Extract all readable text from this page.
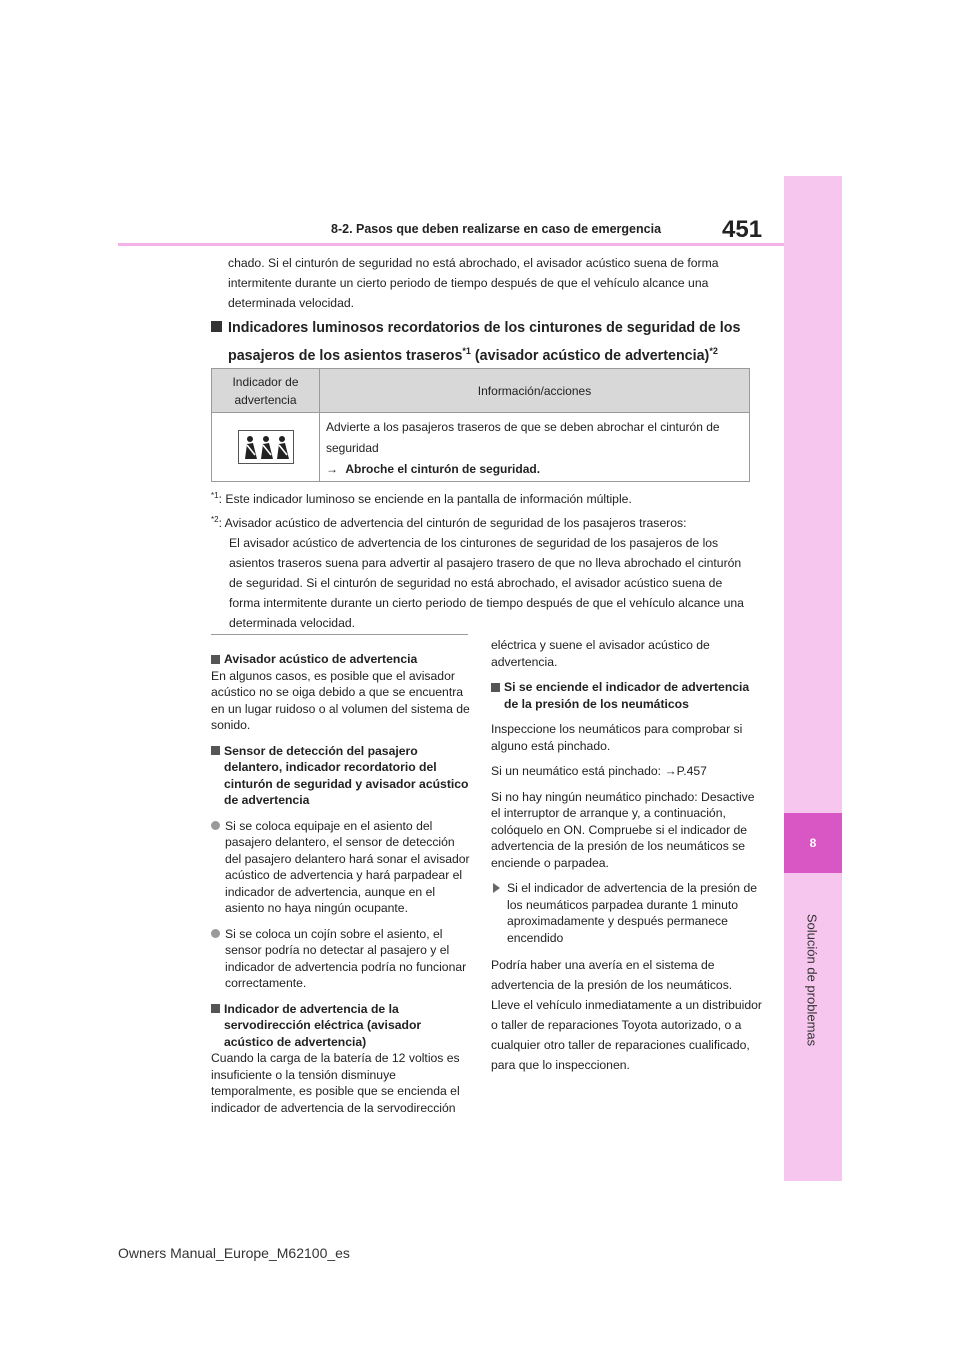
8
Solución de problemas
451
8-2. Pasos que deben realizarse en caso de emergencia
chado. Si el cinturón de seguridad no está abrochado, el avisador acústico suena de forma intermitente durante un cierto periodo de tiempo después de que el vehículo alcance una determinada velocidad.
Indicadores luminosos recordatorios de los cinturones de seguridad de los
pasajeros de los asientos traseros$^{*1}$ (avisador acústico de advertencia)$^{*2}$
Indicador de advertencia
Información/acciones
Advierte a los pasajeros traseros de que se deben abrochar el cinturón de seguridad
→ Abroche el cinturón de seguridad.
$^{*1}$: Este indicador luminoso se enciende en la pantalla de información múltiple.
$^{*2}$: Avisador acústico de advertencia del cinturón de seguridad de los pasajeros traseros:
El avisador acústico de advertencia de los cinturones de seguridad de los pasajeros de los asientos traseros suena para advertir al pasajero trasero de que no lleva abrochado el cinturón de seguridad. Si el cinturón de seguridad no está abrochado, el avisador acústico suena de forma intermitente durante un cierto periodo de tiempo después de que el vehículo alcance una determinada velocidad.
Avisador acústico de advertencia
En algunos casos, es posible que el avisador acústico no se oiga debido a que se encuentra en un lugar ruidoso o al volumen del sistema de sonido.
Sensor de detección del pasajero delantero, indicador recordatorio del cinturón de seguridad y avisador acústico de advertencia
Si se coloca equipaje en el asiento del pasajero delantero, el sensor de detección del pasajero delantero hará sonar el avisador acústico de advertencia y hará parpadear el indicador de advertencia, aunque en el asiento no haya ningún ocupante.
Si se coloca un cojín sobre el asiento, el sensor podría no detectar al pasajero y el indicador de advertencia podría no funcionar correctamente.
Indicador de advertencia de la servodirección eléctrica (avisador acústico de advertencia)
Cuando la carga de la batería de 12 voltios es insuficiente o la tensión disminuye temporalmente, es posible que se encienda el indicador de advertencia de la servodirección
eléctrica y suene el avisador acústico de advertencia.
Si se enciende el indicador de advertencia de la presión de los neumáticos
Inspeccione los neumáticos para comprobar si alguno está pinchado.
Si un neumático está pinchado: →P.457
Si no hay ningún neumático pinchado: Desactive el interruptor de arranque y, a continuación, colóquelo en ON. Compruebe si el indicador de advertencia de la presión de los neumáticos se enciende o parpadea.
Si el indicador de advertencia de la presión de los neumáticos parpadea durante 1 minuto aproximadamente y después permanece encendido
Podría haber una avería en el sistema de advertencia de la presión de los neumáticos. Lleve el vehículo inmediatamente a un distribuidor o taller de reparaciones Toyota autorizado, o a cualquier otro taller de reparaciones cualificado, para que lo inspeccionen.
Owners Manual_Europe_M62100_es
